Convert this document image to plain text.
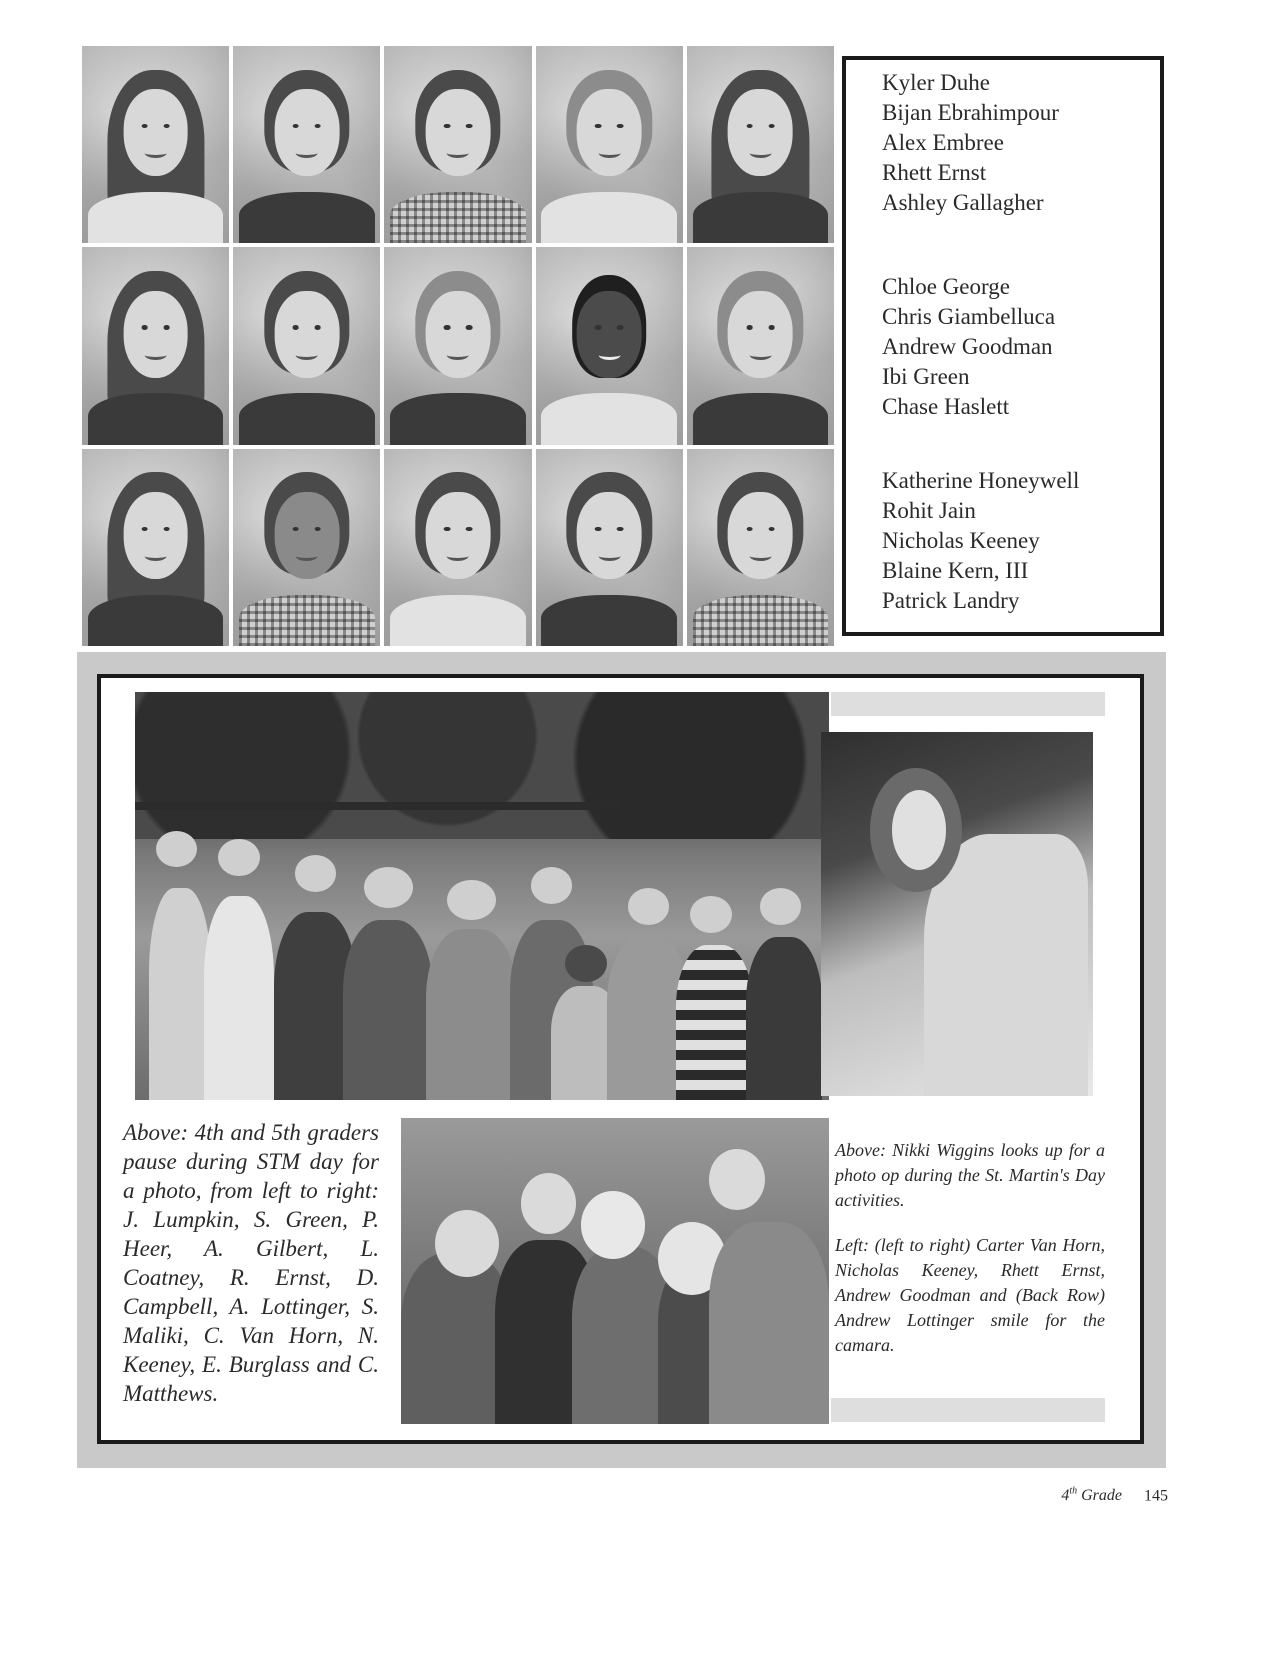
Kyler Duhe
Bijan Ebrahimpour
Alex Embree
Rhett Ernst
Ashley Gallagher
Chloe George
Chris Giambelluca
Andrew Goodman
Ibi Green
Chase Haslett
Katherine Honeywell
Rohit Jain
Nicholas Keeney
Blaine Kern, III
Patrick Landry
Above: 4th and 5th graders pause during STM day for a photo, from left to right: J. Lumpkin, S. Green, P. Heer, A. Gilbert, L. Coatney, R. Ernst, D. Campbell, A. Lottinger, S. Maliki, C. Van Horn, N. Keeney, E. Burglass and C. Matthews.

Above: Nikki Wiggins looks up for a photo op during the St. Martin's Day activities.

Left: (left to right) Carter Van Horn, Nicholas Keeney, Rhett Ernst, Andrew Goodman and (Back Row) Andrew Lottinger smile for the camara.

4th Grade 145
